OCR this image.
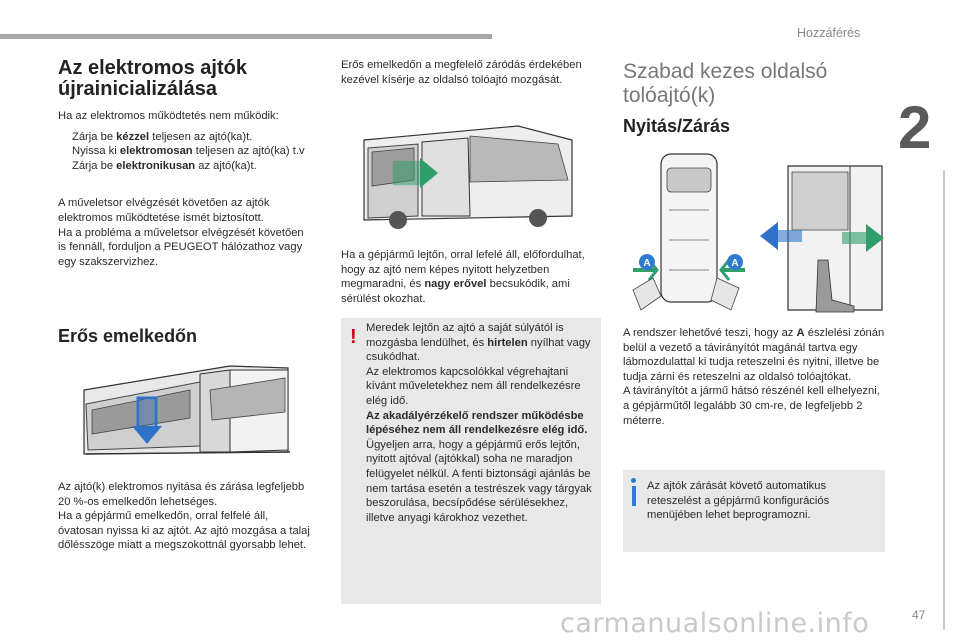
Hozzáférés
2
47
Az elektromos ajtók újrainicializálása

Ha az elektromos működtetés nem működik:

Zárja be kézzel teljesen az ajtó(ka)t.
Nyissa ki elektromosan teljesen az ajtó(ka) t.v
Zárja be elektronikusan az ajtó(ka)t.

A műveletsor elvégzését követően az ajtók elektromos működtetése ismét biztosított.
Ha a probléma a műveletsor elvégzését követően is fennáll, forduljon a PEUGEOT hálózathoz vagy egy szakszervizhez.

Erős emelkedőn
Az ajtó(k) elektromos nyitása és zárása legfeljebb 20 %-os emelkedőn lehetséges.
Ha a gépjármű emelkedőn, orral felfelé áll, óvatosan nyissa ki az ajtót. Az ajtó mozgása a talaj dőlésszöge miatt a megszokottnál gyorsabb lehet.

Erős emelkedőn a megfelelő záródás érdekében kezével kísérje az oldalsó tolóajtó mozgását.

Ha a gépjármű lejtőn, orral lefelé áll, előfordulhat, hogy az ajtó nem képes nyitott helyzetben megmaradni, és nagy erővel becsukódik, ami sérülést okozhat.
! Meredek lejtőn az ajtó a saját súlyától is mozgásba lendülhet, és hirtelen nyílhat vagy csukódhat.

Az elektromos kapcsolókkal végrehajtani kívánt műveletekhez nem áll rendelkezésre elég idő.

Az akadályérzékelő rendszer működésbe lépéséhez nem áll rendelkezésre elég idő.

Ügyeljen arra, hogy a gépjármű erős lejtőn, nyitott ajtóval (ajtókkal) soha ne maradjon felügyelet nélkül. A fenti biztonsági ajánlás be nem tartása esetén a testrészek vagy tárgyak beszorulása, becsípődése sérülésekhez, illetve anyagi károkhoz vezethet.

Szabad kezes oldalsó tolóajtó(k)
Nyitás/Zárás
A	A
A rendszer lehetővé teszi, hogy az A észlelési zónán belül a vezető a távirányítót magánál tartva egy lábmozdulattal ki tudja reteszelni és nyitni, illetve be tudja zárni és reteszelni az oldalsó tolóajtókat.
A távirányítót a jármű hátsó részénél kell elhelyezni, a gépjárműtől legalább 30 cm-re, de legfeljebb 2 méterre.
Az ajtók zárását követő automatikus reteszelést a gépjármű konfigurációs menüjében lehet beprogramozni.
carmanualsonline.info
